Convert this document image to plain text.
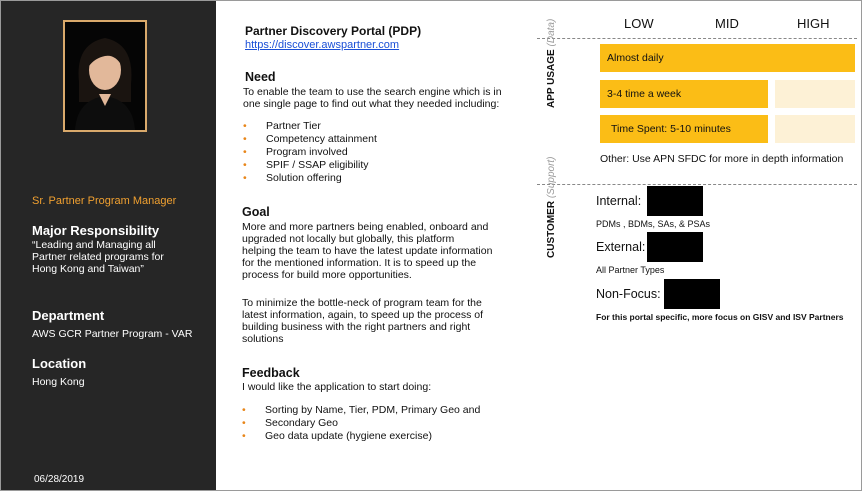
Sr. Partner Program Manager
Major Responsibility
“Leading and Managing all
Partner related programs for
Hong Kong and Taiwan”
Department
AWS GCR Partner Program - VAR
Location
Hong Kong
06/28/2019
Partner Discovery Portal (PDP)
https://discover.awspartner.com
Need
To enable the team to use the search engine which is in
one single page to find out what they needed including:
• Partner Tier
• Competency attainment
• Program involved
• SPIF / SSAP eligibility
• Solution offering
Goal
More and more partners being enabled, onboard and
upgraded not locally but globally, this platform
helping the team to have the latest update information
for the mentioned information. It is to speed up the
process for build more opportunities.
To minimize the bottle-neck of program team for the
latest information, again, to speed up the process of
building business with the right partners and right
solutions
Feedback
I would like the application to start doing:
• Sorting by Name, Tier, PDM, Primary Geo and
• Secondary Geo
• Geo data update (hygiene exercise)
LOW	MID	HIGH
APP USAGE (Data)
Almost daily
3-4 time a week
Time Spent: 5-10 minutes
Other: Use APN SFDC for more in depth information
CUSTOMER (Support)
Internal:
PDMs , BDMs, SAs, & PSAs
External:
All Partner Types
Non-Focus:
For this portal specific, more focus on GISV and ISV Partners
